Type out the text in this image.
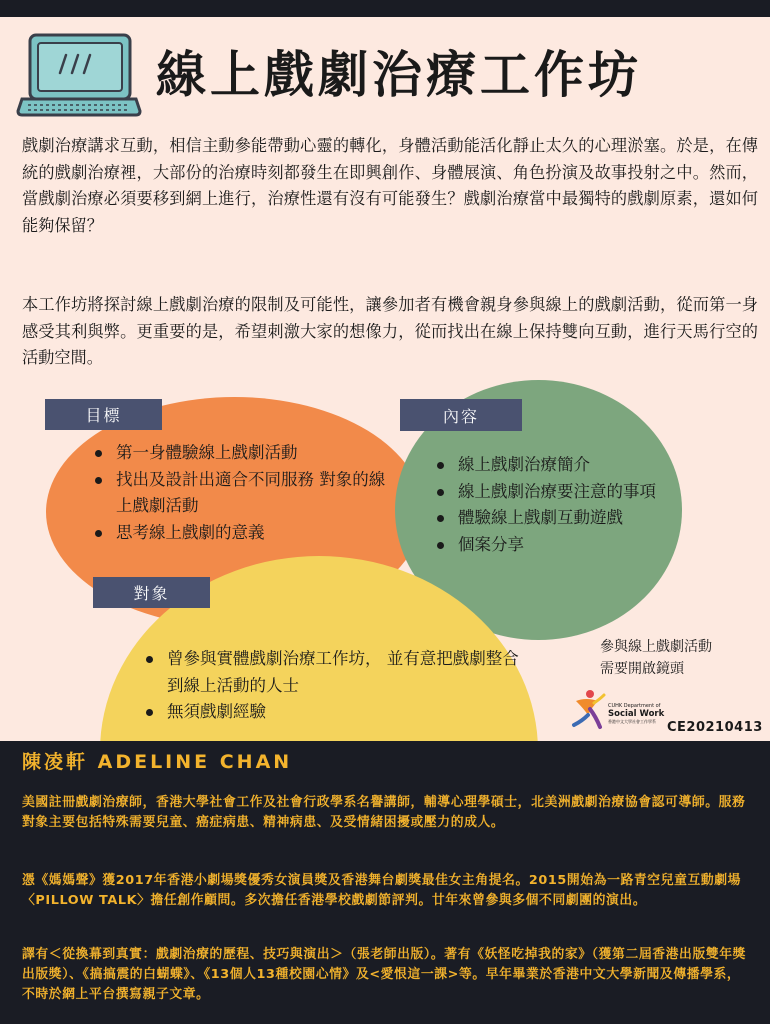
線上戲劇治療工作坊

戲劇治療講求互動，相信主動參能帶動心靈的轉化，身體活動能活化靜止太久的心理淤塞。於是，在傳統的戲劇治療裡，大部份的治療時刻都發生在即興創作、身體展演、角色扮演及故事投射之中。然而，當戲劇治療必須要移到網上進行，治療性還有沒有可能發生？戲劇治療當中最獨特的戲劇原素，還如何能夠保留？

本工作坊將探討線上戲劇治療的限制及可能性，讓參加者有機會親身參與線上的戲劇活動，從而第一身感受其利與弊。更重要的是，希望刺激大家的想像力，從而找出在線上保持雙向互動，進行天馬行空的活動空間。

目標	內容
對象
第一身體驗線上戲劇活動
找出及設計出適合不同服務 對象的線上戲劇活動
思考線上戲劇的意義
線上戲劇治療簡介
線上戲劇治療要注意的事項
體驗線上戲劇互動遊戲
個案分享
曾參與實體戲劇治療工作坊， 並有意把戲劇整合到線上活動的人士
無須戲劇經驗
參與線上戲劇活動
需要開啟鏡頭
CUHK Department of
Social Work
香港中文大學社會工作學系 CE20210413
陳凌軒 ADELINE CHAN

美國註冊戲劇治療師，香港大學社會工作及社會行政學系名譽講師，輔導心理學碩士，北美洲戲劇治療協會認可導師。服務對象主要包括特殊需要兒童、癌症病患、精神病患、及受情緒困擾或壓力的成人。

憑《媽媽聲》獲2017年香港小劇場獎優秀女演員獎及香港舞台劇獎最佳女主角提名。2015開始為一路青空兒童互動劇場〈PILLOW TALK〉擔任創作顧問。多次擔任香港學校戲劇節評判。廿年來曾參與多個不同劇團的演出。

譯有＜從換幕到真實：戲劇治療的歷程、技巧與演出＞（張老師出版）。著有《妖怪吃掉我的家》（獲第二屆香港出版雙年獎出版獎）、《搞搞震的白蝴蝶》、《13個人13種校園心情》及<愛恨這一課>等。早年畢業於香港中文大學新聞及傳播學系，不時於網上平台撰寫親子文章。
